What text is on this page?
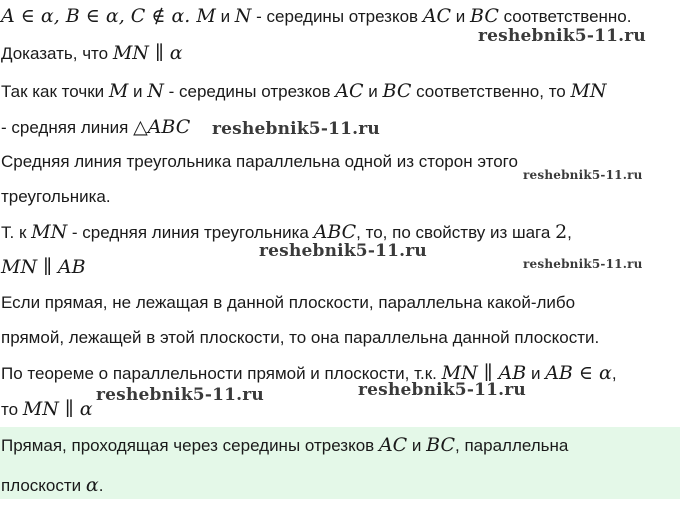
A ∈ α, B ∈ α, C ∉ α. M и N - середины отрезков AC и BC соответственно.
Доказать, что MN ∥ α
Так как точки M и N - середины отрезков AC и BC соответственно, то MN
- средняя линия △ABC
Средняя линия треугольника параллельна одной из сторон этого
треугольника.
Т. к MN - средняя линия треугольника ABC, то, по свойству из шага 2,
MN ∥ AB
Если прямая, не лежащая в данной плоскости, параллельна какой-либо
прямой, лежащей в этой плоскости, то она параллельна данной плоскости.
По теореме о параллельности прямой и плоскости, т.к. MN ∥ AB и AB ∈ α,
то MN ∥ α
Прямая, проходящая через середины отрезков AC и BC, параллельна
плоскости α.
reshebnik5-11.ru
reshebnik5-11.ru
reshebnik5-11.ru
reshebnik5-11.ru
reshebnik5-11.ru
reshebnik5-11.ru	reshebnik5-11.ru
